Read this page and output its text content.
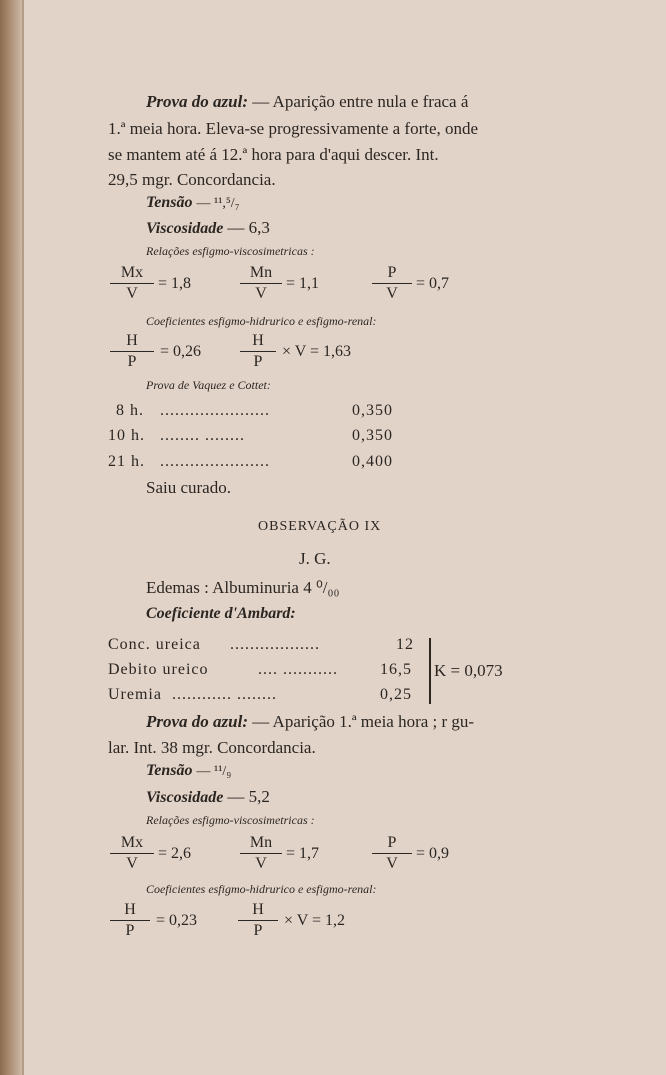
Prova do azul: — Aparição entre nula e fraca á
1.ª meia hora. Eleva-se progressivamente a forte, onde
se mantem até á 12.ª hora para d'aqui descer. Int.
29,5 mgr. Concordancia.
Tensão — ¹¹,⁵/₇
Viscosidade — 6,3
Relações esfigmo-viscosimetricas :
Mx
V
= 1,8
Mn
V
= 1,1
P
V
= 0,7
Coeficientes esfigmo-hidrurico e esfigmo-renal:
H
P
= 0,26
H
P
× V = 1,63
Prova de Vaquez e Cottet:
8 h. ......................	0,350
10 h. ........ ........	0,350
21 h. ......................	0,400
Saiu curado.
OBSERVAÇÃO IX
J. G.
Edemas : Albuminuria 4 ⁰/₀₀
Coeficiente d'Ambard:
Conc. ureica ..................	12
Debito ureico	.... ...........	16,5
Uremia ............ ........	0,25
K = 0,073
Prova do azul: — Aparição 1.ª meia hora ; r gu-
lar. Int. 38 mgr. Concordancia.
Tensão — ¹¹/₉
Viscosidade — 5,2
Relações esfigmo-viscosimetricas :
Mx
V
= 2,6
Mn
V
= 1,7
P
V
= 0,9
Coeficientes esfigmo-hidrurico e esfigmo-renal:
H
P
= 0,23
H
P
× V = 1,2
